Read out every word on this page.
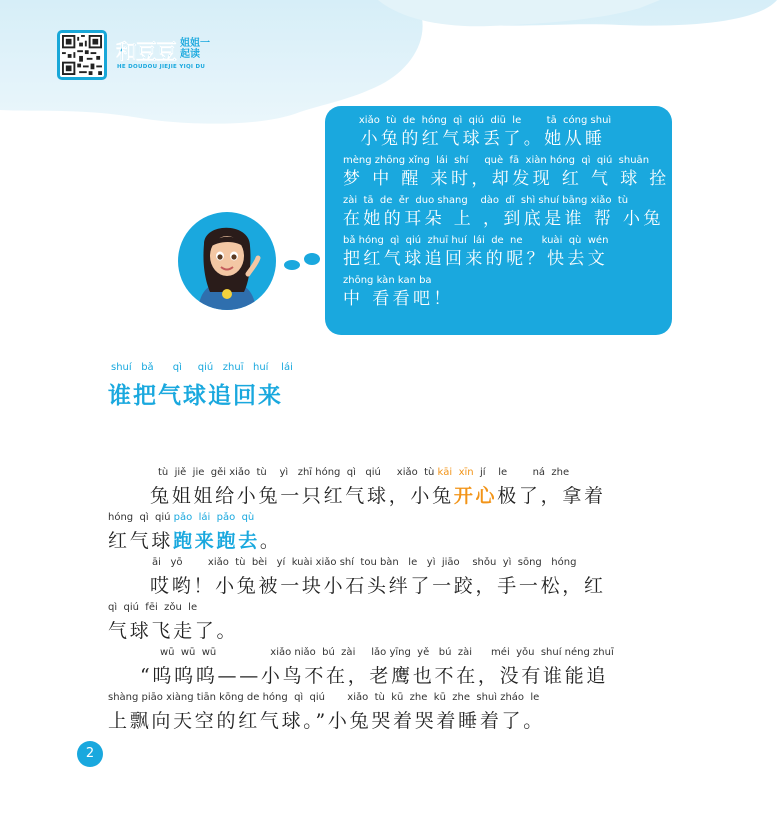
和豆豆 姐姐一起读
HE DOUDOU JIEJIE YIQI DU
xiǎo  tù  de  hóng  qì  qiú  diū  le        tā  cóng shuì
小兔的红气球丢了。她从睡
mèng zhōng xǐng  lái  shí     què  fā  xiàn hóng  qì  qiú  shuān
梦 中 醒 来时，却发现 红 气 球 拴
zài  tā  de  ěr  duo shang    dào  dǐ  shì shuí bāng xiǎo  tù
在她的耳朵 上 ，到底是谁 帮 小兔
bǎ hóng  qì  qiú  zhuī huí  lái  de  ne      kuài  qù  wén
把红气球追回来的呢？快去文
zhōng kàn kan ba
中 看看吧！
shuí   bǎ      qì     qiú   zhuī   huí    lái
谁把气球追回来
tù  jiě  jie  gěi xiǎo  tù    yì   zhī hóng  qì   qiú     xiǎo  tù kāi  xīn  jí    le        ná  zhe
兔姐姐给小兔一只红气球，小兔开心极了，拿着
hóng  qì  qiú pǎo  lái  pǎo  qù
红气球跑来跑去。
āi   yō        xiǎo  tù  bèi   yí  kuài xiǎo shí  tou bàn   le   yì  jiāo    shǒu  yì  sōng   hóng
哎哟！小兔被一块小石头绊了一跤，手一松，红
qì  qiú  fēi  zǒu  le
气球飞走了。
wū  wū  wū                 xiǎo niǎo  bú  zài     lǎo yīng  yě   bú  zài      méi  yǒu  shuí néng zhuī
“呜呜呜——小鸟不在，老鹰也不在，没有谁能追
shàng piāo xiàng tiān kōng de hóng  qì  qiú       xiǎo  tù  kū  zhe  kū  zhe  shuì zháo  le
上飘向天空的红气球。”小兔哭着哭着睡着了。
2
